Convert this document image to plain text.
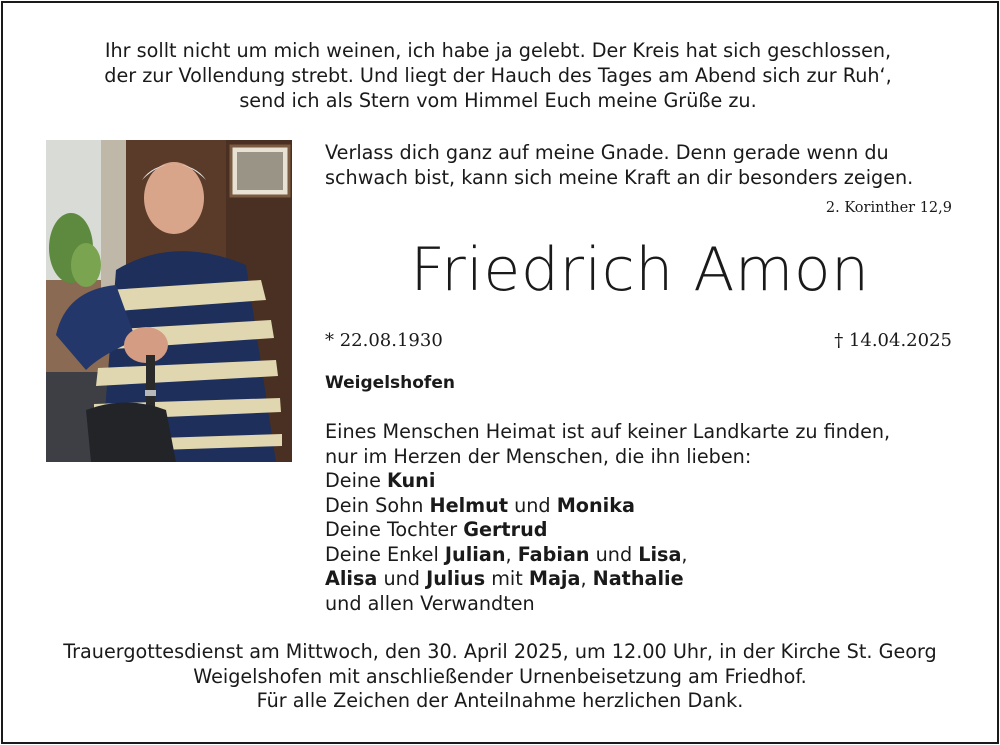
Ihr sollt nicht um mich weinen, ich habe ja gelebt. Der Kreis hat sich geschlossen,
der zur Vollendung strebt. Und liegt der Hauch des Tages am Abend sich zur Ruh‘,
send ich als Stern vom Himmel Euch meine Grüße zu.
Verlass dich ganz auf meine Gnade. Denn gerade wenn du
schwach bist, kann sich meine Kraft an dir besonders zeigen.
2. Korinther 12,9
Friedrich Amon
* 22.08.1930	† 14.04.2025
Weigelshofen
Eines Menschen Heimat ist auf keiner Landkarte zu finden,
nur im Herzen der Menschen, die ihn lieben:
Deine Kuni
Dein Sohn Helmut und Monika
Deine Tochter Gertrud
Deine Enkel Julian, Fabian und Lisa,
Alisa und Julius mit Maja, Nathalie
und allen Verwandten
Trauergottesdienst am Mittwoch, den 30. April 2025, um 12.00 Uhr, in der Kirche St. Georg
Weigelshofen mit anschließender Urnenbeisetzung am Friedhof.
Für alle Zeichen der Anteilnahme herzlichen Dank.
